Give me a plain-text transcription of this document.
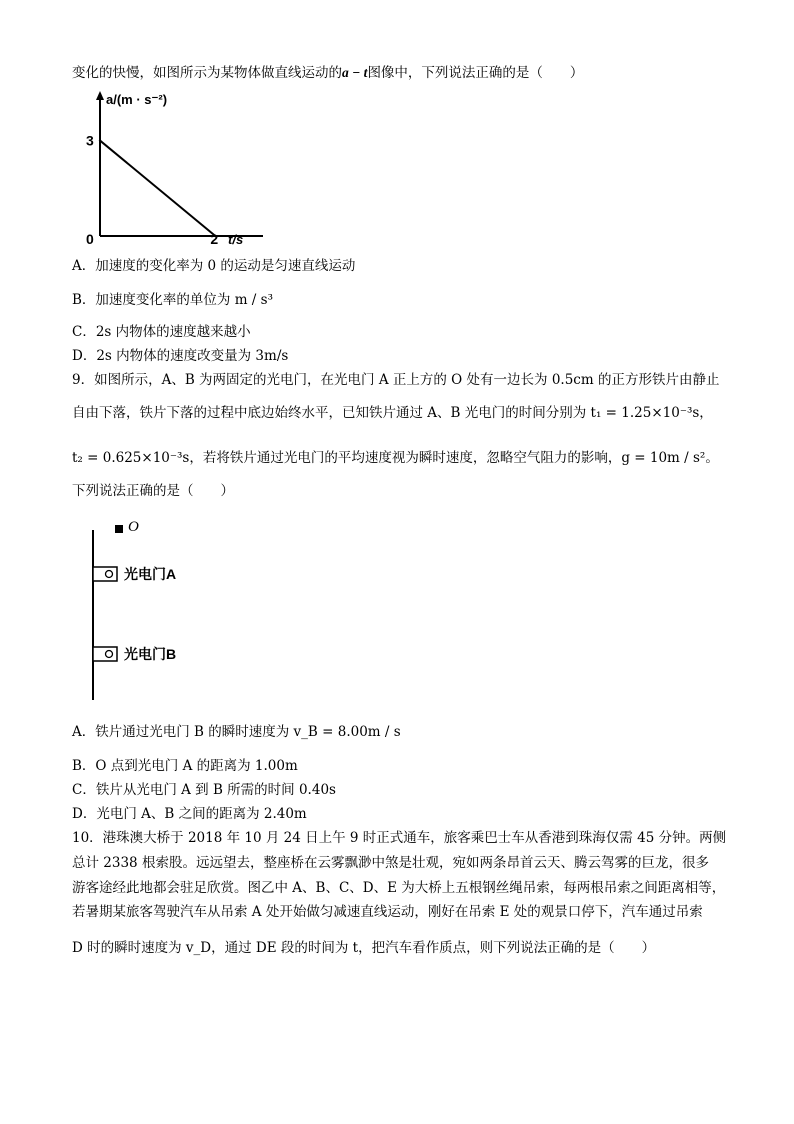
变化的快慢，如图所示为某物体做直线运动的a − t图像中，下列说法正确的是（　　）
0	2
3
t/s
a/(m · s⁻²)
A．加速度的变化率为 0 的运动是匀速直线运动
B．加速度变化率的单位为 m / s³
C．2s 内物体的速度越来越小
D．2s 内物体的速度改变量为 3m/s
9．如图所示，A、B 为两固定的光电门，在光电门 A 正上方的 O 处有一边长为 0.5cm 的正方形铁片由静止
自由下落，铁片下落的过程中底边始终水平，已知铁片通过 A、B 光电门的时间分别为 t₁ = 1.25×10⁻³s，
t₂ = 0.625×10⁻³s，若将铁片通过光电门的平均速度视为瞬时速度，忽略空气阻力的影响，g = 10m / s²。
下列说法正确的是（　　）
O
光电门A
光电门B
A．铁片通过光电门 B 的瞬时速度为 v_B = 8.00m / s
B．O 点到光电门 A 的距离为 1.00m
C．铁片从光电门 A 到 B 所需的时间 0.40s
D．光电门 A、B 之间的距离为 2.40m
10．港珠澳大桥于 2018 年 10 月 24 日上午 9 时正式通车，旅客乘巴士车从香港到珠海仅需 45 分钟。两侧
总计 2338 根索股。远远望去，整座桥在云雾飘渺中煞是壮观，宛如两条昂首云天、腾云驾雾的巨龙，很多
游客途经此地都会驻足欣赏。图乙中 A、B、C、D、E 为大桥上五根钢丝绳吊索，每两根吊索之间距离相等，
若暑期某旅客驾驶汽车从吊索 A 处开始做匀减速直线运动，刚好在吊索 E 处的观景口停下，汽车通过吊索
D 时的瞬时速度为 v_D，通过 DE 段的时间为 t，把汽车看作质点，则下列说法正确的是（　　）
